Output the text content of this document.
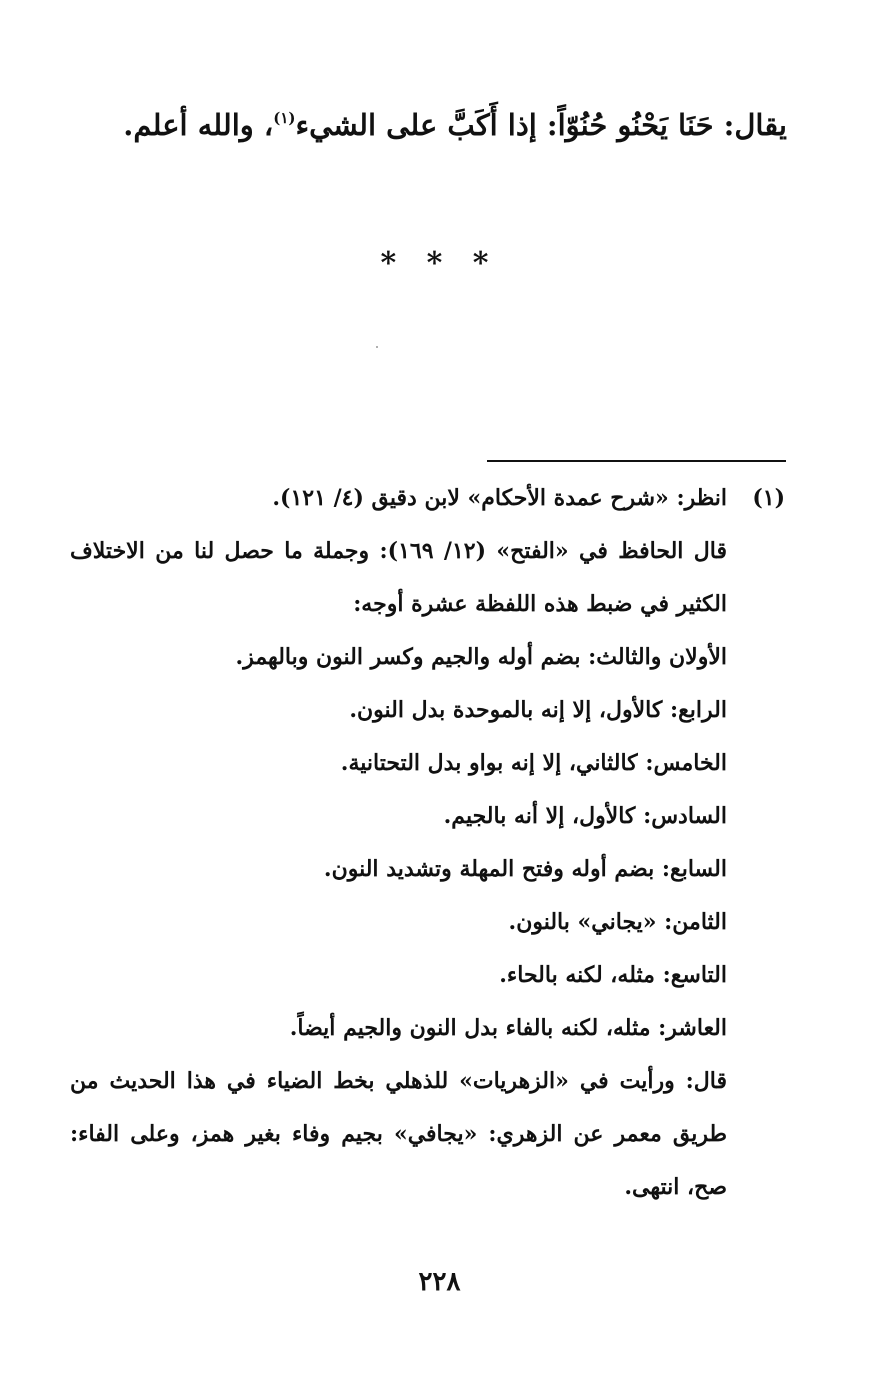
يقال: حَنَا يَحْنُو حُنُوّاً: إذا أَكَبَّ على الشيء$^{(١)}$، والله أعلم.
* * *
(١)
انظر: «شرح عمدة الأحكام» لابن دقيق (٤/ ١٢١).
قال الحافظ في «الفتح» (١٢/ ١٦٩): وجملة ما حصل لنا من الاختلاف
الكثير في ضبط هذه اللفظة عشرة أوجه:
الأولان والثالث: بضم أوله والجيم وكسر النون وبالهمز.
الرابع: كالأول، إلا إنه بالموحدة بدل النون.
الخامس: كالثاني، إلا إنه بواو بدل التحتانية.
السادس: كالأول، إلا أنه بالجيم.
السابع: بضم أوله وفتح المهلة وتشديد النون.
الثامن: «يجاني» بالنون.
التاسع: مثله، لكنه بالحاء.
العاشر: مثله، لكنه بالفاء بدل النون والجيم أيضاً.
قال: ورأيت في «الزهريات» للذهلي بخط الضياء في هذا الحديث من
طريق معمر عن الزهري: «يجافي» بجيم وفاء بغير همز، وعلى الفاء:
صح، انتهى.
٢٢٨
